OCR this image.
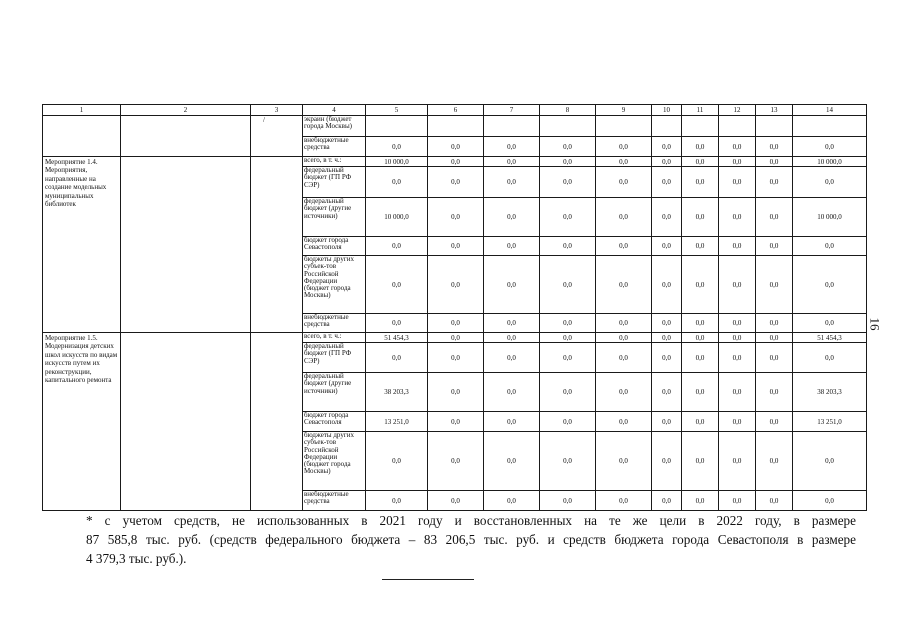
1	2	3	4	5	6	7	8	9	10	11	12	13	14
		/	экраин (бюджет города Москвы)										
			внебюджетные средства	0,0	0,0	0,0	0,0	0,0	0,0	0,0	0,0	0,0	0,0
Мероприятие 1.4. Мероприятия, направленные на создание модельных муниципальных библиотек			всего, в т. ч.:	10 000,0	0,0	0,0	0,0	0,0	0,0	0,0	0,0	0,0	10 000,0
			федеральный бюджет (ГП РФ СЭР)	0,0	0,0	0,0	0,0	0,0	0,0	0,0	0,0	0,0	0,0
			федеральный бюджет (другие источники)	10 000,0	0,0	0,0	0,0	0,0	0,0	0,0	0,0	0,0	10 000,0
			бюджет города Севастополя	0,0	0,0	0,0	0,0	0,0	0,0	0,0	0,0	0,0	0,0
			бюджеты других субъек-тов Российской Федерации (бюджет города Москвы)	0,0	0,0	0,0	0,0	0,0	0,0	0,0	0,0	0,0	0,0
			внебюджетные средства	0,0	0,0	0,0	0,0	0,0	0,0	0,0	0,0	0,0	0,0
Мероприятие 1.5. Модернизация детских школ искусств по видам искусств путем их реконструкции, капитального ремонта			всего, в т. ч.:	51 454,3	0,0	0,0	0,0	0,0	0,0	0,0	0,0	0,0	51 454,3
			федеральный бюджет (ГП РФ СЭР)	0,0	0,0	0,0	0,0	0,0	0,0	0,0	0,0	0,0	0,0
			федеральный бюджет (другие источники)	38 203,3	0,0	0,0	0,0	0,0	0,0	0,0	0,0	0,0	38 203,3
			бюджет города Севастополя	13 251,0	0,0	0,0	0,0	0,0	0,0	0,0	0,0	0,0	13 251,0
			бюджеты других субъек-тов Российской Федерации (бюджет города Москвы)	0,0	0,0	0,0	0,0	0,0	0,0	0,0	0,0	0,0	0,0
			внебюджетные средства	0,0	0,0	0,0	0,0	0,0	0,0	0,0	0,0	0,0	0,0
* с учетом средств, не использованных в 2021 году и восстановленных на те же цели в 2022 году, в размере
87 585,8 тыс. руб. (средств федерального бюджета – 83 206,5 тыс. руб. и средств бюджета города Севастополя в размере
4 379,3 тыс. руб.).
16
